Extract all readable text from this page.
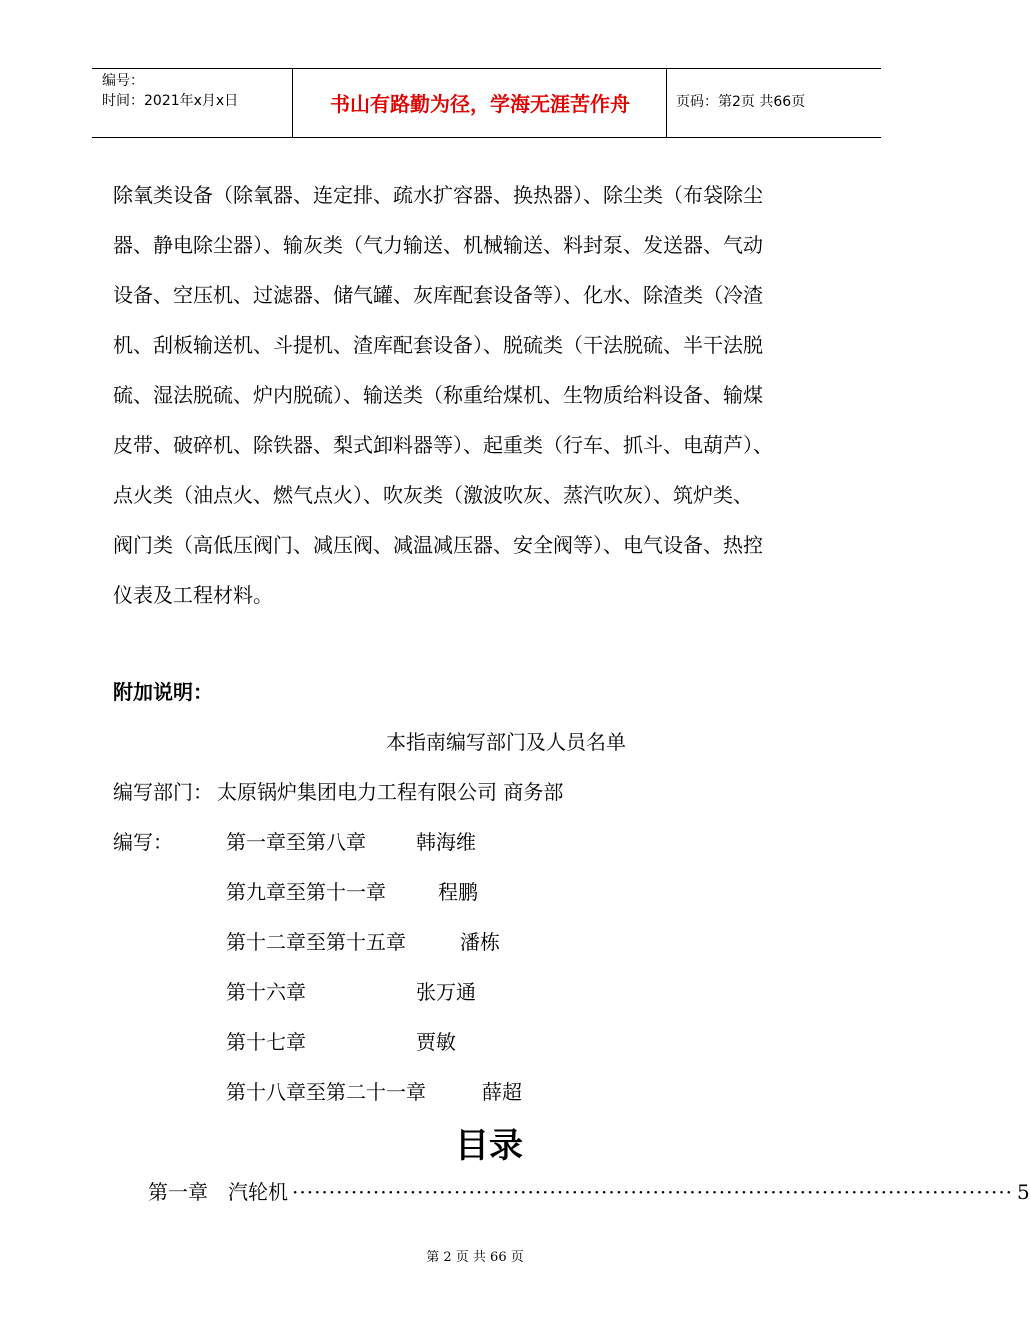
编号：
时间：2021年x月x日	书山有路勤为径，学海无涯苦作舟	页码：第2页 共66页
除氧类设备（除氧器、连定排、疏水扩容器、换热器）、除尘类（布袋除尘
器、静电除尘器）、输灰类（气力输送、机械输送、料封泵、发送器、气动
设备、空压机、过滤器、储气罐、灰库配套设备等）、化水、除渣类（冷渣
机、刮板输送机、斗提机、渣库配套设备）、脱硫类（干法脱硫、半干法脱
硫、湿法脱硫、炉内脱硫）、输送类（称重给煤机、生物质给料设备、输煤
皮带、破碎机、除铁器、梨式卸料器等）、起重类（行车、抓斗、电葫芦）、
点火类（油点火、燃气点火）、吹灰类（激波吹灰、蒸汽吹灰）、筑炉类、
阀门类（高低压阀门、减压阀、减温减压器、安全阀等）、电气设备、热控
仪表及工程材料。
附加说明：
本指南编写部门及人员名单
编写部门： 太原锅炉集团电力工程有限公司 商务部
编写：	第一章至第八章	韩海维
第九章至第十一章	程鹏
第十二章至第十五章	潘栋
第十六章	张万通
第十七章	贾敏
第十八章至第二十一章	薛超
目录
第一章 汽轮机 ·································································································· 5
第 2 页 共 66 页
